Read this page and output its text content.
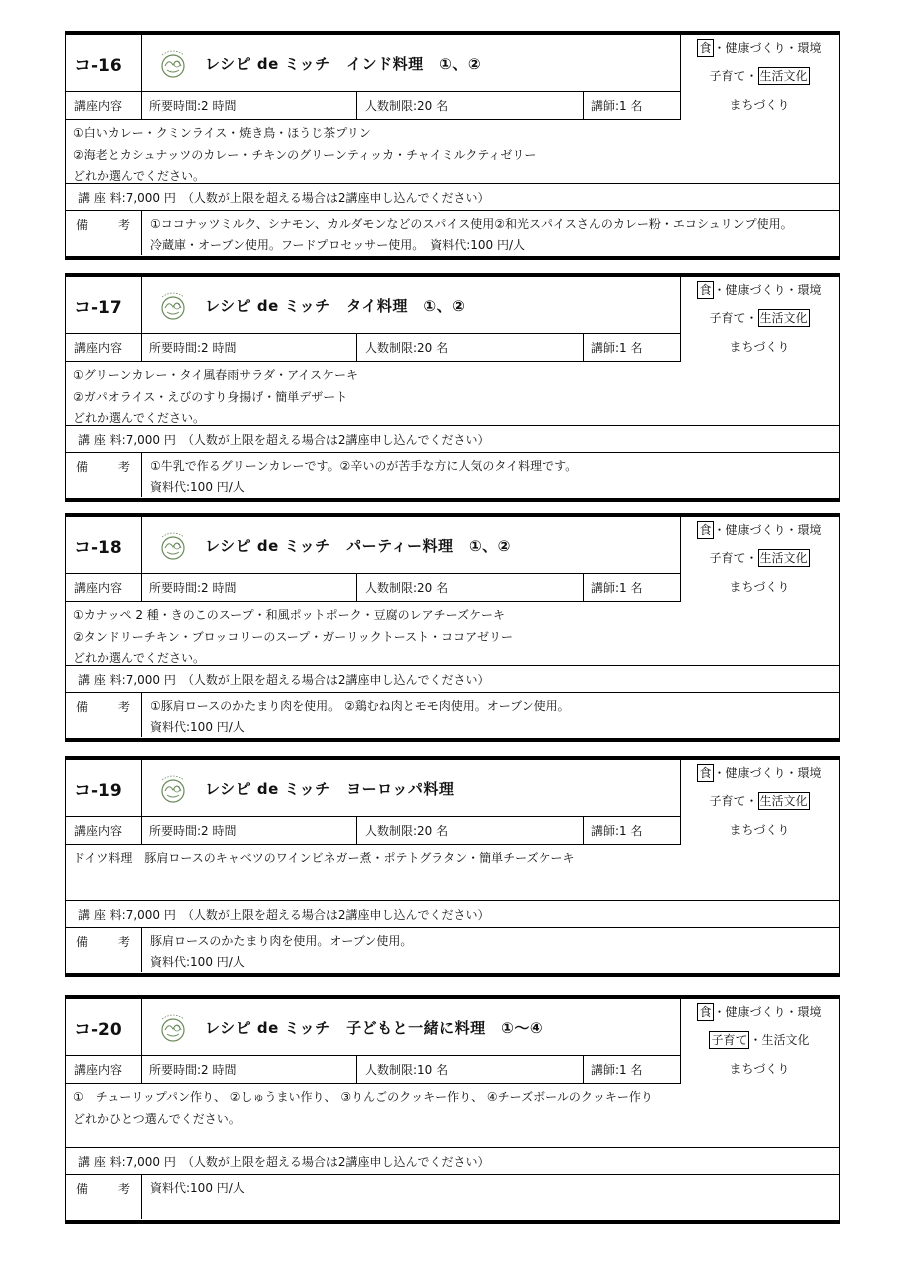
コ-16	レシピ de ミッチ　インド料理　①、②
講座内容	所要時間:2 時間	人数制限:20 名	講師:1 名
食 ・健康づくり・環境
子育て・ 生活文化
まちづくり
①白いカレー・クミンライス・焼き鳥・ほうじ茶プリン
②海老とカシュナッツのカレー・チキンのグリーンティッカ・チャイミルクティゼリー
どれか選んでください。
講 座 料: 7,000 円 （人数が上限を超える場合は2講座申し込んでください）
備 考	①ココナッツミルク、シナモン、カルダモンなどのスパイス使用②和光スパイスさんのカレー粉・エコシュリンプ使用。
冷蔵庫・オーブン使用。フードプロセッサー使用。　資料代:100 円/人
コ-17	レシピ de ミッチ　タイ料理　①、②
講座内容	所要時間:2 時間	人数制限:20 名	講師:1 名
食 ・健康づくり・環境
子育て・ 生活文化
まちづくり
①グリーンカレー・タイ風春雨サラダ・アイスケーキ
②ガパオライス・えびのすり身揚げ・簡単デザート
どれか選んでください。
講 座 料: 7,000 円 （人数が上限を超える場合は2講座申し込んでください）
備 考	①牛乳で作るグリーンカレーです。②辛いのが苦手な方に人気のタイ料理です。
資料代:100 円/人
コ-18	レシピ de ミッチ　パーティー料理　①、②
講座内容	所要時間:2 時間	人数制限:20 名	講師:1 名
食 ・健康づくり・環境
子育て・ 生活文化
まちづくり
①カナッペ 2 種・きのこのスープ・和風ポットポーク・豆腐のレアチーズケーキ
②タンドリーチキン・ブロッコリーのスープ・ガーリックトースト・ココアゼリー
どれか選んでください。
講 座 料: 7,000 円 （人数が上限を超える場合は2講座申し込んでください）
備 考	①豚肩ロースのかたまり肉を使用。 ②鶏むね肉とモモ肉使用。オーブン使用。
資料代:100 円/人
コ-19	レシピ de ミッチ　ヨーロッパ料理
講座内容	所要時間:2 時間	人数制限:20 名	講師:1 名
食 ・健康づくり・環境
子育て・ 生活文化
まちづくり
ドイツ料理　豚肩ロースのキャベツのワインビネガー煮・ポテトグラタン・簡単チーズケーキ
講 座 料: 7,000 円 （人数が上限を超える場合は2講座申し込んでください）
備 考	豚肩ロースのかたまり肉を使用。オーブン使用。
資料代:100 円/人
コ-20	レシピ de ミッチ　子どもと一緒に料理　①～④
講座内容	所要時間:2 時間	人数制限:10 名	講師:1 名
食 ・健康づくり・環境
子育て ・生活文化
まちづくり
①　チューリップパン作り、 ②しゅうまい作り、 ③りんごのクッキー作り、 ④チーズボールのクッキー作り
どれかひとつ選んでください。
講 座 料: 7,000 円 （人数が上限を超える場合は2講座申し込んでください）
備 考	資料代:100 円/人
